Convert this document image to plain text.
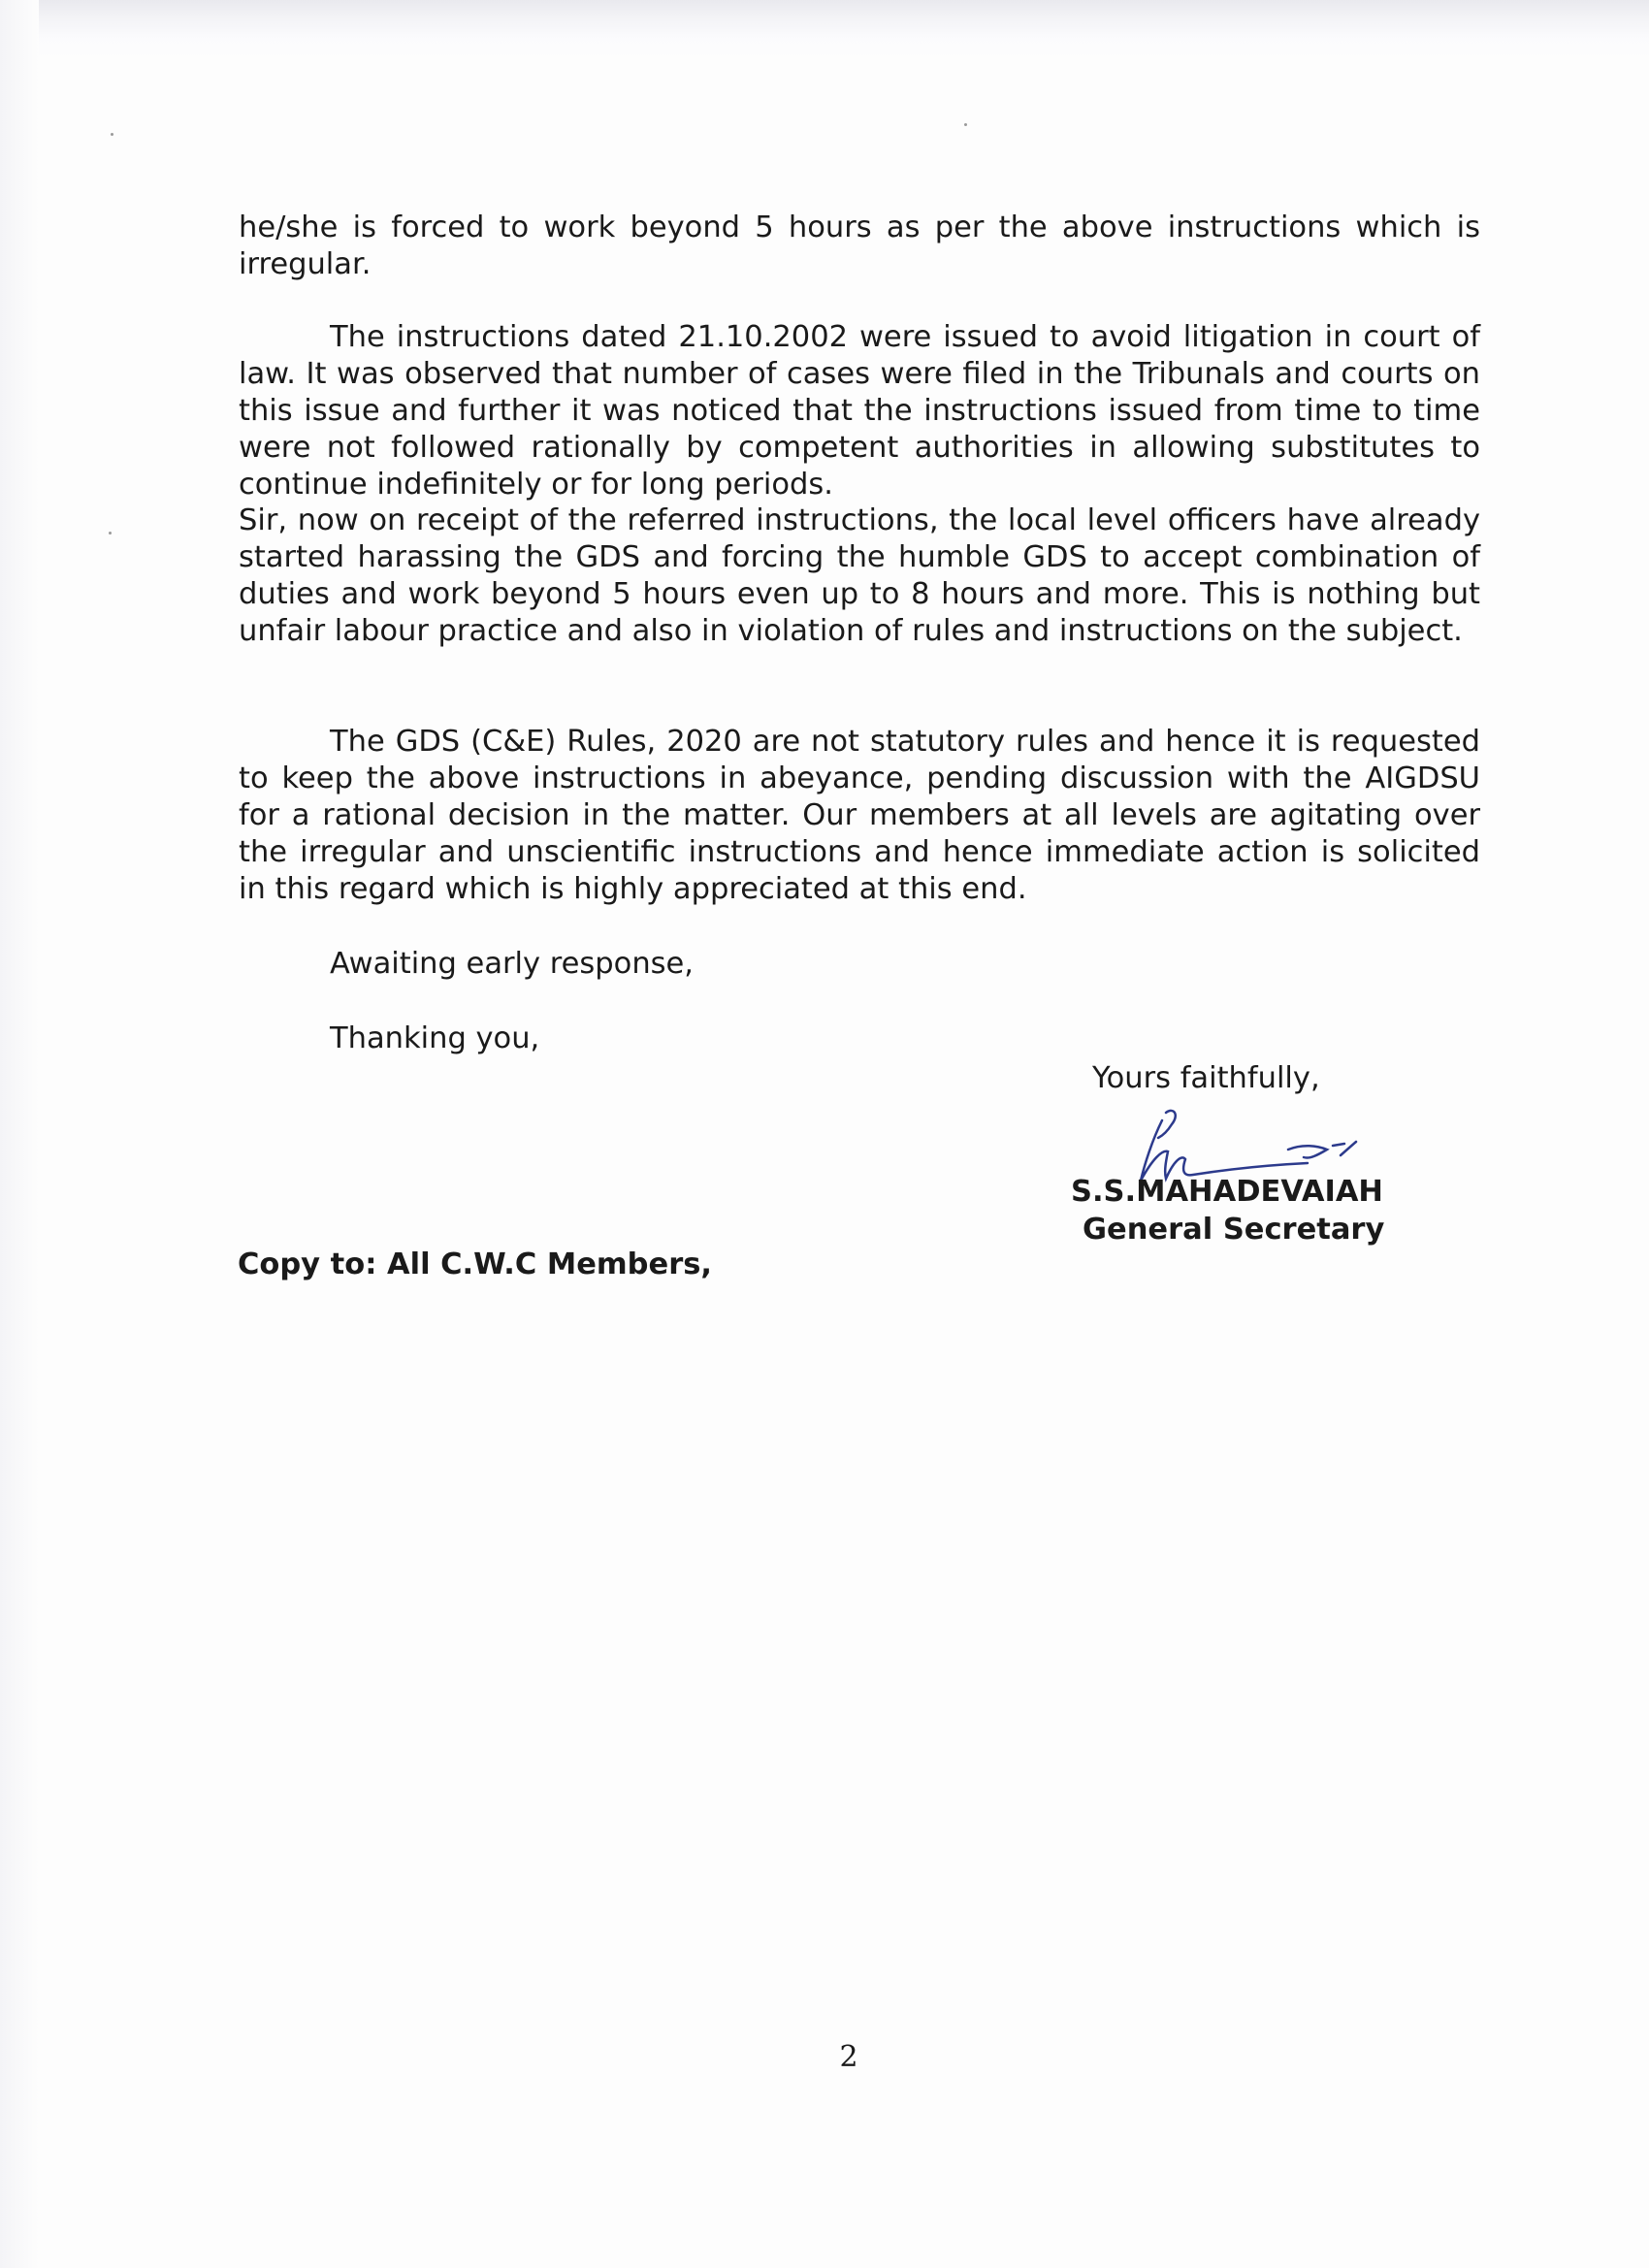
he/she is forced to work beyond 5 hours as per the above instructions which is irregular.

The instructions dated 21.10.2002 were issued to avoid litigation in court of law. It was observed that number of cases were filed in the Tribunals and courts on this issue and further it was noticed that the instructions issued from time to time were not followed rationally by competent authorities in allowing substitutes to continue indefinitely or for long periods.

Sir, now on receipt of the referred instructions, the local level officers have already started harassing the GDS and forcing the humble GDS to accept combination of duties and work beyond 5 hours even up to 8 hours and more. This is nothing but unfair labour practice and also in violation of rules and instructions on the subject.

The GDS (C&E) Rules, 2020 are not statutory rules and hence it is requested to keep the above instructions in abeyance, pending discussion with the AIGDSU for a rational decision in the matter. Our members at all levels are agitating over the irregular and unscientific instructions and hence immediate action is solicited in this regard which is highly appreciated at this end.

Awaiting early response,

Thanking you,

Yours faithfully,

S.S.MAHADEVAIAH
General Secretary
Copy to: All C.W.C Members,
2
